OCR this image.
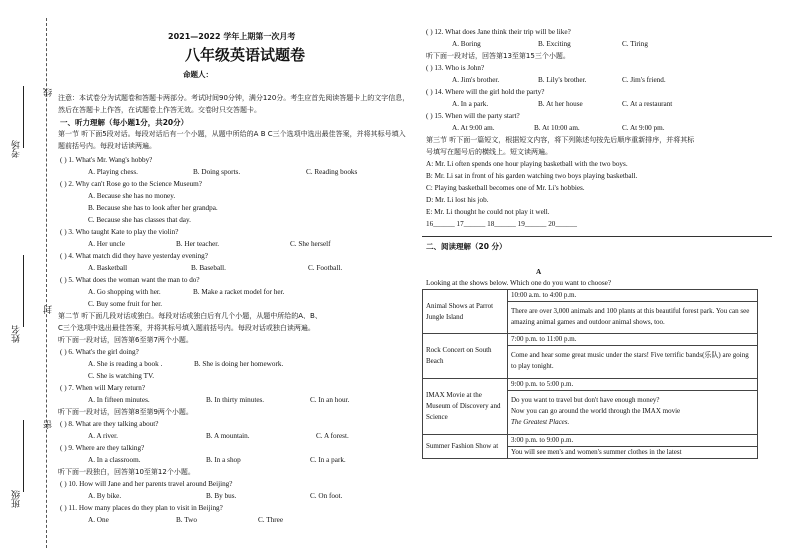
线
封
密
考场
姓名
班级
2021—2022 学年上期第一次月考
八年级英语试题卷
命题人：
注意：本试卷分为试题卷和答题卡两部分。考试时间90分钟，满分120分。考生应首先阅读答题卡上的文字信息，然后在答题卡上作答，在试题卷上作答无效。交卷时只交答题卡。
一、听力理解（每小题1分，共20分）
第一节 听下面5段对话。每段对话后有一个小题，从题中所给的A B C三个选项中选出最佳答案，并将其标号填入题前括号内。每段对话读两遍。
( ) 1. What's Mr. Wang's hobby?
A. Playing chess.	B. Doing sports.	C. Reading books
( ) 2. Why can't Rose go to the Science Museum?
A. Because she has no money.
B. Because she has to look after her grandpa.
C. Because she has classes that day.
( ) 3. Who taught Kate to play the violin?
A. Her uncle	B. Her teacher.	C. She herself
( ) 4. What match did they have yesterday evening?
A. Basketball	B. Baseball.	C. Football.
( ) 5. What does the woman want the man to do?
A. Go shopping with her.	B. Make a racket model for her.
C. Buy some fruit for her.
第二节 听下面几段对话或独白。每段对话或独白后有几个小题，从题中所给的A、B、
C三个选项中选出最佳答案，并将其标号填入题前括号内。每段对话或独白读两遍。
听下面一段对话，回答第6至第7两个小题。
( ) 6. What's the girl doing?
A. She is reading a book .	B. She is doing her homework.
C. She is watching TV.
( ) 7. When will Mary return?
A. In fifteen minutes.	B. In thirty minutes.	C. In an hour.
听下面一段对话，回答第8至第9两个小题。
( ) 8. What are they talking about?
A. A river.	B. A mountain.	C. A forest.
( ) 9. Where are they talking?
A. In a classroom.	B. In a shop	C. In a park.
听下面一段独白，回答第10至第12个小题。
( ) 10. How will Jane and her parents travel around Beijing?
A. By bike.	B. By bus.	C. On foot.
( ) 11. How many places do they plan to visit in Beijing?
A. One	B. Two	C. Three
( ) 12. What does Jane think their trip will be like?
A. Boring	B. Exciting	C. Tiring
听下面一段对话，回答第13至第15三个小题。
( ) 13. Who is John?
A. Jim's brother.	B. Lily's brother.	C. Jim's friend.
( ) 14. Where will the girl hold the party?
A. In a park.	B. At her house	C. At a restaurant
( ) 15. When will the party start?
A. At 9:00 am.	B. At 10:00 am.	C. At 9:00 pm.
第三节 听下面一篇短文，根据短文内容，将下列陈述句按先后顺序重新排序，并将其标
号填写在题号后的横线上。短文读两遍。
A: Mr. Li often spends one hour playing basketball with the two boys.
B: Mr. Li sat in front of his garden watching two boys playing basketball.
C: Playing basketball becomes one of Mr. Li's hobbies.
D: Mr. Li lost his job.
E: Mr. Li thought he could not play it well.
16______ 17______ 18______ 19______ 20______
二、阅读理解（20 分）
A
Looking at the shows below. Which one do you want to choose?
Animal Shows at Parrot Jungle Island	10:00 a.m. to 4:00 p.m.
There are over 3,000 animals and 100 plants at this beautiful forest park. You can see amazing animal games and outdoor animal shows, too.

Rock Concert on South Beach	7:00 p.m. to 11:00 p.m.
Come and hear some great music under the stars! Five terrific bands(乐队) are going to play tonight.

IMAX Movie at the Museum of Discovery and Science	9:00 p.m. to 5:00 p.m.
Do you want to travel but don't have enough money?
Now you can go around the world through the IMAX movie
The Greatest Places.

Summer Fashion Show at	3:00 p.m. to 9:00 p.m.
You will see men's and women's summer clothes in the latest
